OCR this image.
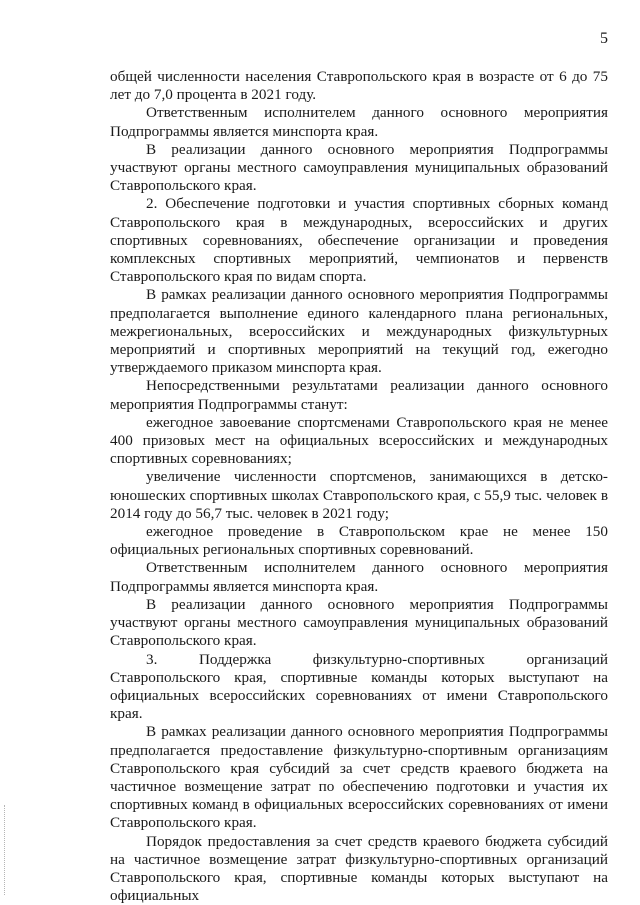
5

общей численности населения Ставропольского края в возрасте от 6 до 75 лет до 7,0 процента в 2021 году.

Ответственным исполнителем данного основного мероприятия Подпрограммы является минспорта края.

В реализации данного основного мероприятия Подпрограммы участвуют органы местного самоуправления муниципальных образований Ставропольского края.

2. Обеспечение подготовки и участия спортивных сборных команд Ставропольского края в международных, всероссийских и других спортивных соревнованиях, обеспечение организации и проведения комплексных спортивных мероприятий, чемпионатов и первенств Ставропольского края по видам спорта.

В рамках реализации данного основного мероприятия Подпрограммы предполагается выполнение единого календарного плана региональных, межрегиональных, всероссийских и международных физкультурных мероприятий и спортивных мероприятий на текущий год, ежегодно утверждаемого приказом минспорта края.

Непосредственными результатами реализации данного основного мероприятия Подпрограммы станут:

ежегодное завоевание спортсменами Ставропольского края не менее 400 призовых мест на официальных всероссийских и международных спортивных соревнованиях;

увеличение численности спортсменов, занимающихся в детско-юношеских спортивных школах Ставропольского края, с 55,9 тыс. человек в 2014 году до 56,7 тыс. человек в 2021 году;

ежегодное проведение в Ставропольском крае не менее 150 официальных региональных спортивных соревнований.

Ответственным исполнителем данного основного мероприятия Подпрограммы является минспорта края.

В реализации данного основного мероприятия Подпрограммы участвуют органы местного самоуправления муниципальных образований Ставропольского края.

3. Поддержка физкультурно-спортивных организаций Ставропольского края, спортивные команды которых выступают на официальных всероссийских соревнованиях от имени Ставропольского края.

В рамках реализации данного основного мероприятия Подпрограммы предполагается предоставление физкультурно-спортивным организациям Ставропольского края субсидий за счет средств краевого бюджета на частичное возмещение затрат по обеспечению подготовки и участия их спортивных команд в официальных всероссийских соревнованиях от имени Ставропольского края.

Порядок предоставления за счет средств краевого бюджета субсидий на частичное возмещение затрат физкультурно-спортивных организаций Ставропольского края, спортивные команды которых выступают на официальных
